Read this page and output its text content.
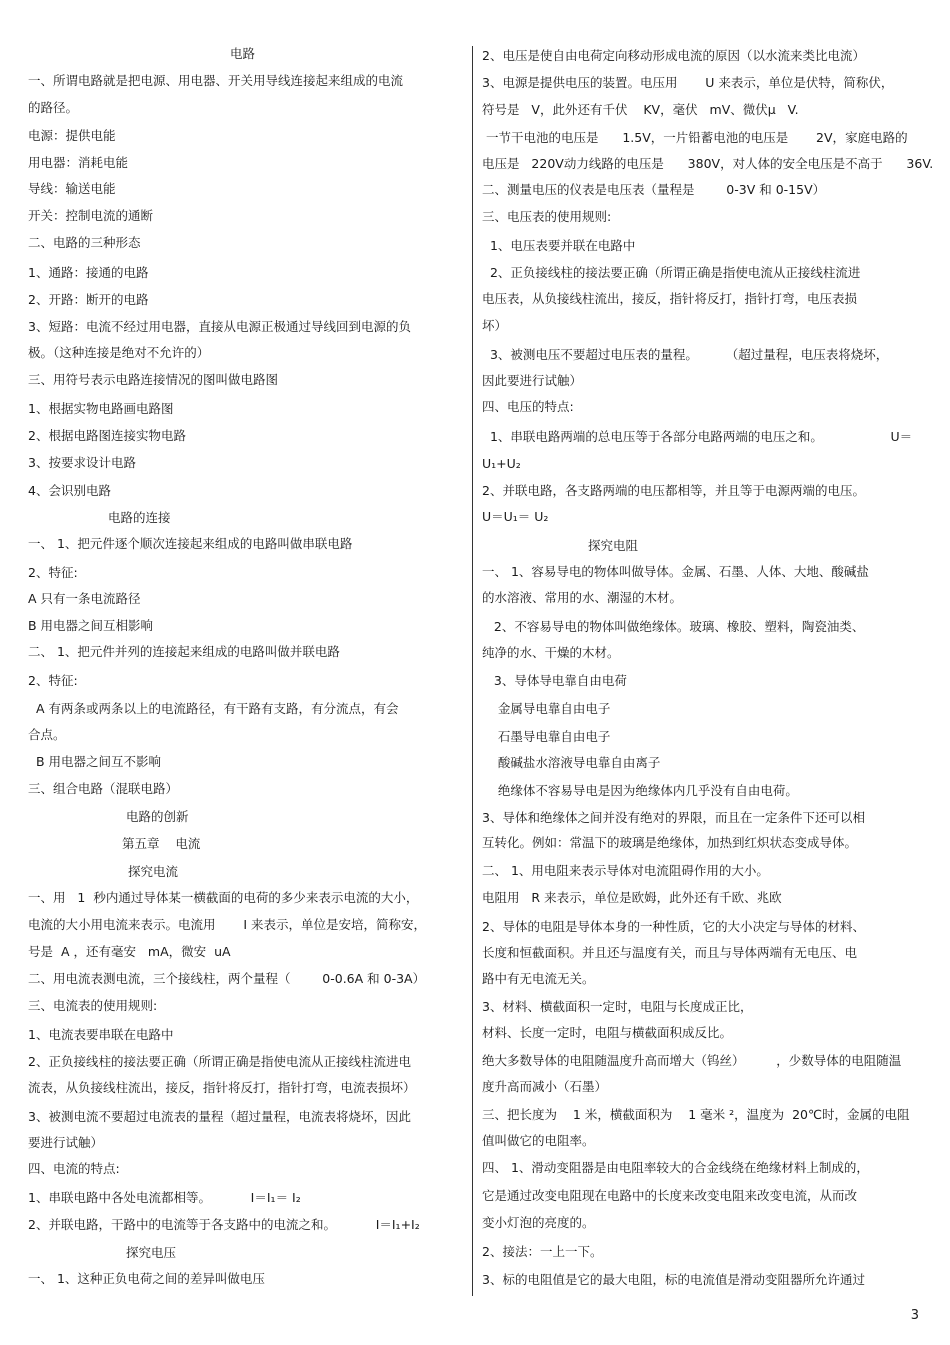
电路
一、所谓电路就是把电源、用电器、开关用导线连接起来组成的电流
的路径。
电源：提供电能
用电器：消耗电能
导线：输送电能
开关：控制电流的通断
二、电路的三种形态
1、通路：接通的电路
2、开路：断开的电路
3、短路：电流不经过用电器，直接从电源正极通过导线回到电源的负
极。（这种连接是绝对不允许的）
三、用符号表示电路连接情况的图叫做电路图
1、根据实物电路画电路图
2、根据电路图连接实物电路
3、按要求设计电路
4、会识别电路
电路的连接
一、 1、把元件逐个顺次连接起来组成的电路叫做串联电路
2、特征:
A 只有一条电流路径
B 用电器之间互相影响
二、 1、把元件并列的连接起来组成的电路叫做并联电路
2、特征:
A 有两条或两条以上的电流路径，有干路有支路，有分流点，有会
合点。
B 用电器之间互不影响
三、组合电路（混联电路）
电路的创新
第五章    电流
探究电流
一、用   1  秒内通过导体某一横截面的电荷的多少来表示电流的大小，
电流的大小用电流来表示。电流用       I 来表示，单位是安培，简称安，
号是  A ，还有毫安   mA，微安  uA
二、用电流表测电流，三个接线柱，两个量程（        0-0.6A 和 0-3A）
三、电流表的使用规则:
1、电流表要串联在电路中
2、正负接线柱的接法要正确（所谓正确是指使电流从正接线柱流进电
流表，从负接线柱流出，接反，指针将反打，指针打弯，电流表损坏）
3、被测电流不要超过电流表的量程（超过量程，电流表将烧坏，因此
要进行试触）
四、电流的特点:
1、串联电路中各处电流都相等。          I＝I₁＝ I₂
2、并联电路，干路中的电流等于各支路中的电流之和。          I＝I₁+I₂
探究电压
一、 1、这种正负电荷之间的差异叫做电压
2、电压是使自由电荷定向移动形成电流的原因（以水流来类比电流）
3、电源是提供电压的装置。电压用       U 来表示，单位是伏特，简称伏，
符号是   V，此外还有千伏    KV，毫伏   mV、微伏μ   V.
一节干电池的电压是      1.5V，一片铅蓄电池的电压是       2V，家庭电路的
电压是   220V动力线路的电压是      380V，对人体的安全电压是不高于      36V.
二、测量电压的仪表是电压表（量程是        0-3V 和 0-15V）
三、电压表的使用规则:
1、电压表要并联在电路中
2、正负接线柱的接法要正确（所谓正确是指使电流从正接线柱流进
电压表，从负接线柱流出，接反，指针将反打，指针打弯，电压表损
坏）
3、被测电压不要超过电压表的量程。       （超过量程，电压表将烧坏，
因此要进行试触）
四、电压的特点:
1、串联电路两端的总电压等于各部分电路两端的电压之和。                 U＝
U₁+U₂
2、并联电路，各支路两端的电压都相等，并且等于电源两端的电压。
U＝U₁＝ U₂
探究电阻
一、 1、容易导电的物体叫做导体。金属、石墨、人体、大地、酸碱盐
的水溶液、常用的水、潮湿的木材。
2、不容易导电的物体叫做绝缘体。玻璃、橡胶、塑料，陶瓷油类、
纯净的水、干燥的木材。
3、导体导电靠自由电荷
金属导电靠自由电子
石墨导电靠自由电子
酸碱盐水溶液导电靠自由离子
绝缘体不容易导电是因为绝缘体内几乎没有自由电荷。
3、导体和绝缘体之间并没有绝对的界限，而且在一定条件下还可以相
互转化。例如：常温下的玻璃是绝缘体，加热到红炽状态变成导体。
二、 1、用电阻来表示导体对电流阻碍作用的大小。
电阻用   R 来表示，单位是欧姆，此外还有千欧、兆欧
2、导体的电阻是导体本身的一种性质，它的大小决定与导体的材料、
长度和恒截面积。并且还与温度有关，而且与导体两端有无电压、电
路中有无电流无关。
3、材料、横截面积一定时，电阻与长度成正比，
材料、长度一定时，电阻与横截面积成反比。
绝大多数导体的电阻随温度升高而增大（钨丝）        ，少数导体的电阻随温
度升高而减小（石墨）
三、把长度为    1 米，横截面积为    1 毫米 ²，温度为  20℃时，金属的电阻
值叫做它的电阻率。
四、 1、滑动变阻器是由电阻率较大的合金线绕在绝缘材料上制成的，
它是通过改变电阻现在电路中的长度来改变电阻来改变电流，从而改
变小灯泡的亮度的。
2、接法：一上一下。
3、标的电阻值是它的最大电阻，标的电流值是滑动变阻器所允许通过
3
